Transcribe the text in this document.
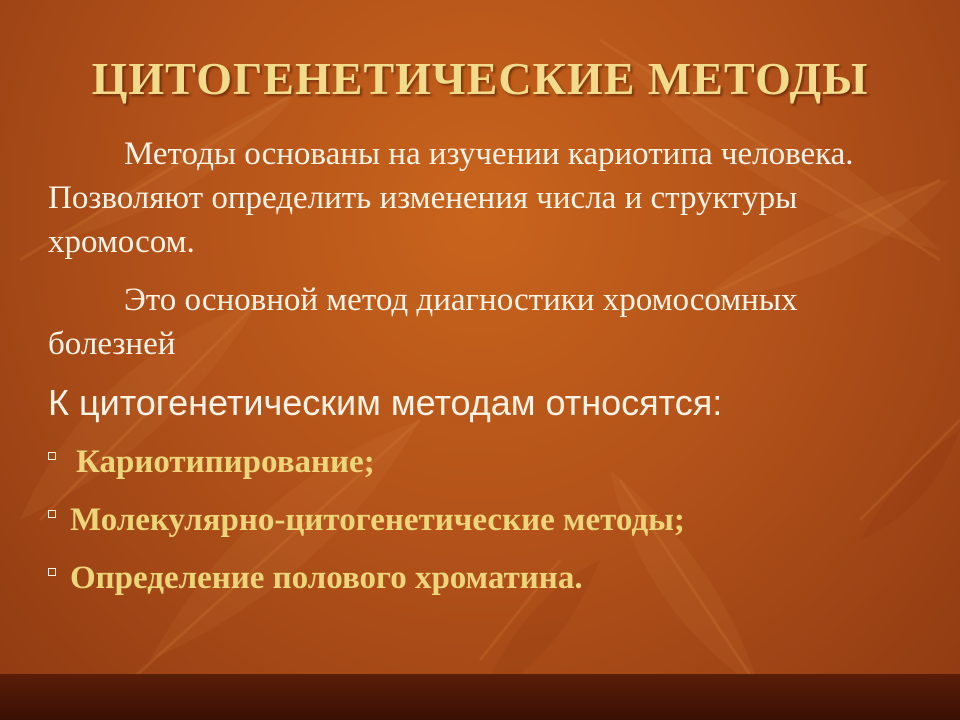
ЦИТОГЕНЕТИЧЕСКИЕ МЕТОДЫ
Методы основаны на изучении кариотипа человека. Позволяют определить изменения числа и структуры хромосом.
Это основной метод диагностики хромосомных болезней
К цитогенетическим методам относятся:
Кариотипирование;
Молекулярно-цитогенетические методы;
Определение полового хроматина.
